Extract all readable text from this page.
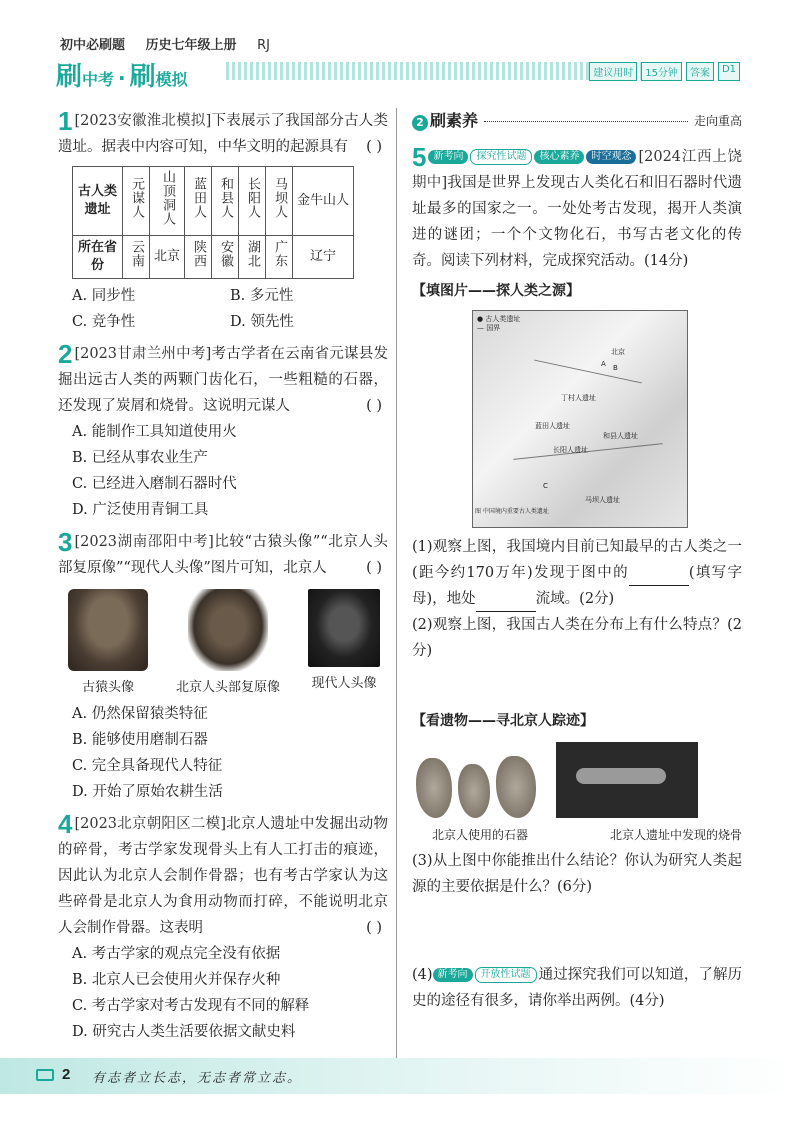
初中必刷题 历史七年级上册 RJ
刷中考 · 刷模拟	建议用时	15分钟	答案	D1
1 [2023安徽淮北模拟]下表展示了我国部分古人类遗址。据表中内容可知，中华文明的起源具有 ( )
古人类遗址	元谋人	山顶洞人	蓝田人	和县人	长阳人	马坝人	金牛山人
所在省份	云南	北京	陕西	安徽	湖北	广东	辽宁
A. 同步性	B. 多元性
C. 竞争性	D. 领先性
2 [2023甘肃兰州中考]考古学者在云南省元谋县发掘出远古人类的两颗门齿化石，一些粗糙的石器，还发现了炭屑和烧骨。这说明元谋人	( )
A. 能制作工具知道使用火
B. 已经从事农业生产
C. 已经进入磨制石器时代
D. 广泛使用青铜工具
3 [2023湖南邵阳中考]比较“古猿头像”“北京人头部复原像”“现代人头像”图片可知，北京人	( )
古猿头像	北京人头部复原像 现代人头像
A. 仍然保留猿类特征
B. 能够使用磨制石器
C. 完全具备现代人特征
D. 开始了原始农耕生活
4 [2023北京朝阳区二模]北京人遗址中发掘出动物的碎骨，考古学家发现骨头上有人工打击的痕迹，因此认为北京人会制作骨器；也有考古学家认为这些碎骨是北京人为食用动物而打碎，不能说明北京人会制作骨器。这表明	( )
A. 考古学家的观点完全没有依据
B. 北京人已会使用火并保存火种
C. 考古学家对考古发现有不同的解释
D. 研究古人类生活要依据文献史料
2 刷素养	走向重高
5 新考向 探究性试题 核心素养 时空观念 [2024江西上饶期中]我国是世界上发现古人类化石和旧石器时代遗址最多的国家之一。一处处考古发现，揭开人类演进的谜团；一个个文物化石，书写古老文化的传奇。阅读下列材料，完成探究活动。(14分)
【填图片——探人类之源】
● 古人类遗址
— 国界
北京
A B
C
丁村人遗址
蓝田人遗址
和县人遗址
长阳人遗址
马坝人遗址
图 中国境内重要古人类遗址
(1)观察上图，我国境内目前已知最早的古人类之一(距今约170万年)发现于图中的	(填写字母)，地处	流域。(2分)
(2)观察上图，我国古人类在分布上有什么特点？(2分)
【看遗物——寻北京人踪迹】
北京人使用的石器	北京人遗址中发现的烧骨
(3)从上图中你能推出什么结论？你认为研究人类起源的主要依据是什么？(6分)
(4) 新考向 开放性试题 通过探究我们可以知道，了解历史的途径有很多，请你举出两例。(4分)
2 有志者立长志，无志者常立志。
